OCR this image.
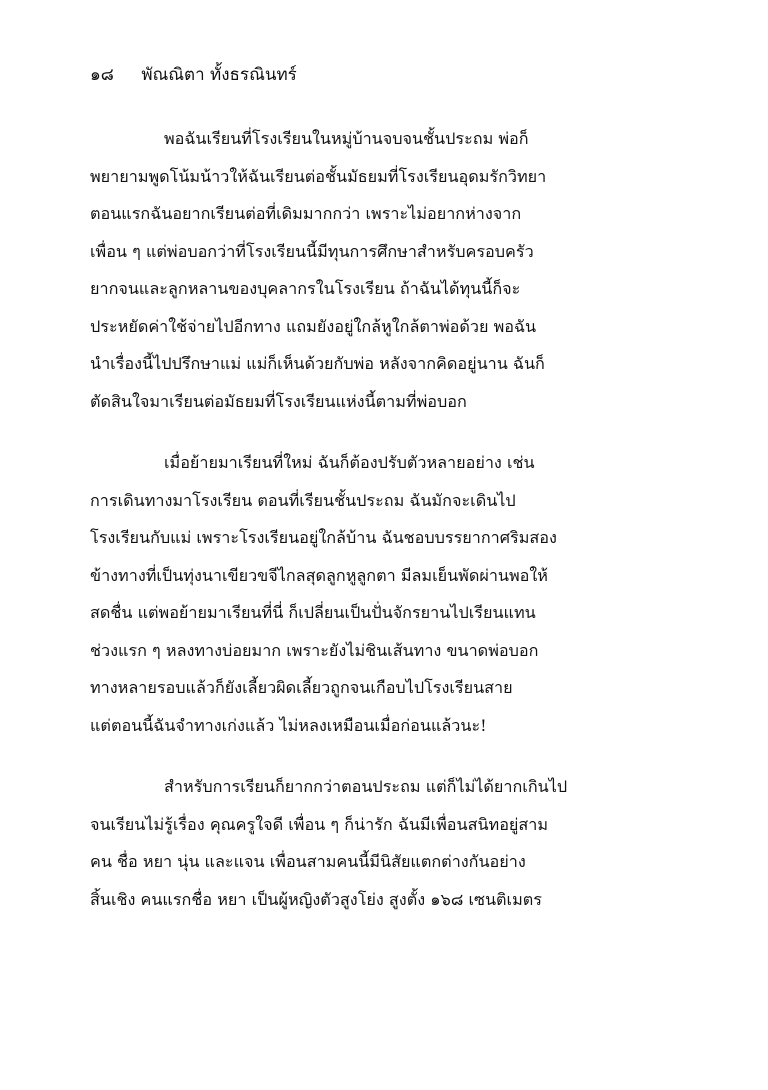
๑๘ พัณณิตา ทั้งธรณินทร์

พอฉันเรียนที่โรงเรียนในหมู่บ้านจบจนชั้นประถม พ่อก็
พยายามพูดโน้มน้าวให้ฉันเรียนต่อชั้นมัธยมที่โรงเรียนอุดมรักวิทยา
ตอนแรกฉันอยากเรียนต่อที่เดิมมากกว่า เพราะไม่อยากห่างจาก
เพื่อน ๆ แต่พ่อบอกว่าที่โรงเรียนนี้มีทุนการศึกษาสำหรับครอบครัว
ยากจนและลูกหลานของบุคลากรในโรงเรียน ถ้าฉันได้ทุนนี้ก็จะ
ประหยัดค่าใช้จ่ายไปอีกทาง แถมยังอยู่ใกล้หูใกล้ตาพ่อด้วย พอฉัน
นำเรื่องนี้ไปปรึกษาแม่ แม่ก็เห็นด้วยกับพ่อ หลังจากคิดอยู่นาน ฉันก็
ตัดสินใจมาเรียนต่อมัธยมที่โรงเรียนแห่งนี้ตามที่พ่อบอก

เมื่อย้ายมาเรียนที่ใหม่ ฉันก็ต้องปรับตัวหลายอย่าง เช่น
การเดินทางมาโรงเรียน ตอนที่เรียนชั้นประถม ฉันมักจะเดินไป
โรงเรียนกับแม่ เพราะโรงเรียนอยู่ใกล้บ้าน ฉันชอบบรรยากาศริมสอง
ข้างทางที่เป็นทุ่งนาเขียวขจีไกลสุดลูกหูลูกตา มีลมเย็นพัดผ่านพอให้
สดชื่น แต่พอย้ายมาเรียนที่นี่ ก็เปลี่ยนเป็นปั่นจักรยานไปเรียนแทน
ช่วงแรก ๆ หลงทางบ่อยมาก เพราะยังไม่ชินเส้นทาง ขนาดพ่อบอก
ทางหลายรอบแล้วก็ยังเลี้ยวผิดเลี้ยวถูกจนเกือบไปโรงเรียนสาย
แต่ตอนนี้ฉันจำทางเก่งแล้ว ไม่หลงเหมือนเมื่อก่อนแล้วนะ!

สำหรับการเรียนก็ยากกว่าตอนประถม แต่ก็ไม่ได้ยากเกินไป
จนเรียนไม่รู้เรื่อง คุณครูใจดี เพื่อน ๆ ก็น่ารัก ฉันมีเพื่อนสนิทอยู่สาม
คน ชื่อ หยา นุ่น และแจน เพื่อนสามคนนี้มีนิสัยแตกต่างกันอย่าง
สิ้นเชิง คนแรกชื่อ หยา เป็นผู้หญิงตัวสูงโย่ง สูงตั้ง ๑๖๘ เซนติเมตร
